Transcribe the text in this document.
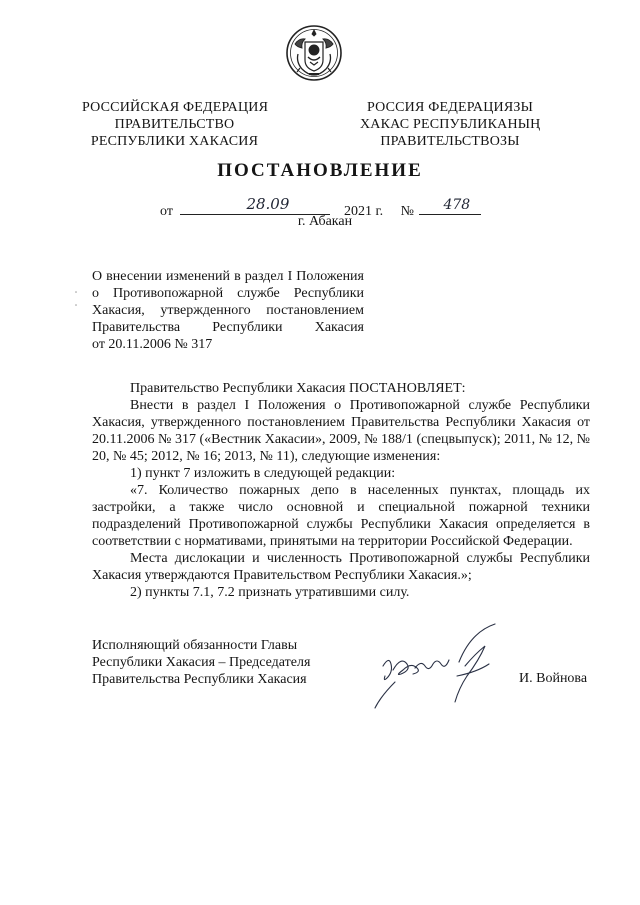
РОССИЙСКАЯ ФЕДЕРАЦИЯ
ПРАВИТЕЛЬСТВО
РЕСПУБЛИКИ ХАКАСИЯ
РОССИЯ ФЕДЕРАЦИЯЗЫ
ХАКАС РЕСПУБЛИКАНЫҢ
ПРАВИТЕЛЬСТВОЗЫ
ПОСТАНОВЛЕНИЕ
от	28.09	2021 г. № 478
г. Абакан
О внесении изменений в раздел I Положения
о Противопожарной службе Республики
Хакасия, утвержденного постановлением
Правительства Республики Хакасия
от 20.11.2006 № 317

Правительство Республики Хакасия ПОСТАНОВЛЯЕТ:

Внести в раздел I Положения о Противопожарной службе Республики Хакасия, утвержденного постановлением Правительства Республики Хакасия от 20.11.2006 № 317 («Вестник Хакасии», 2009, № 188/1 (спецвыпуск); 2011, № 12, № 20, № 45; 2012, № 16; 2013, № 11), следующие изменения:

1) пункт 7 изложить в следующей редакции:

«7. Количество пожарных депо в населенных пунктах, площадь их застройки, а также число основной и специальной пожарной техники подразделений Противопожарной службы Республики Хакасия определяется в соответствии с нормативами, принятыми на территории Российской Федерации.

Места дислокации и численность Противопожарной службы Республики Хакасия утверждаются Правительством Республики Хакасия.»;

2) пункты 7.1, 7.2 признать утратившими силу.

Исполняющий обязанности Главы
Республики Хакасия – Председателя
Правительства Республики Хакасия	И. Войнова
